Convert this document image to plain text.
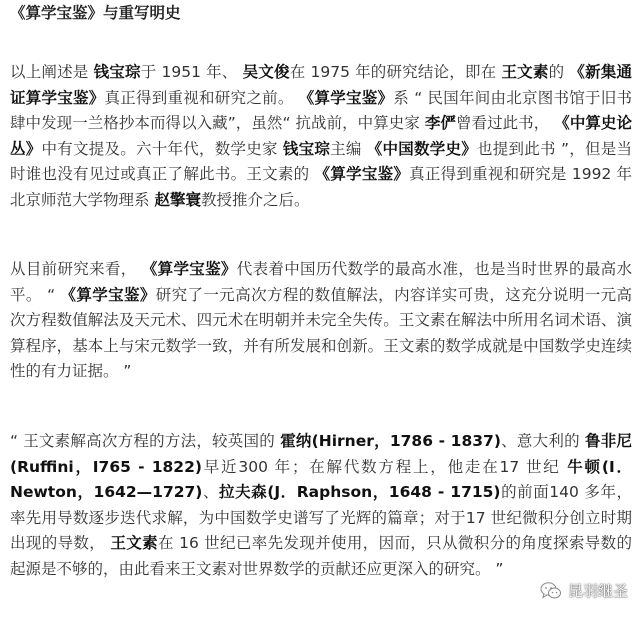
《算学宝鉴》与重写明史

以上阐述是 钱宝琮于 1951 年、 吴文俊在 1975 年的研究结论，即在 王文素的 《新集通证算学宝鉴》真正得到重视和研究之前。 《算学宝鉴》系 “ 民国年间由北京图书馆于旧书肆中发现一兰格抄本而得以入藏”，虽然“ 抗战前，中算史家 李俨曾看过此书， 《中算史论丛》中有文提及。六十年代，数学史家 钱宝琮主编 《中国数学史》也提到此书 ”，但是当时谁也没有见过或真正了解此书。王文素的 《算学宝鉴》真正得到重视和研究是 1992 年北京师范大学物理系 赵擎寰教授推介之后。

从目前研究来看， 《算学宝鉴》代表着中国历代数学的最高水准，也是当时世界的最高水平。 “ 《算学宝鉴》研究了一元高次方程的数值解法，内容详实可贵，这充分说明一元高次方程数值解法及天元术、四元术在明朝并未完全失传。王文素在解法中所用名词术语、演算程序，基本上与宋元数学一致，并有所发展和创新。王文素的数学成就是中国数学史连续性的有力证据。 ”

“ 王文素解高次方程的方法，较英国的 霍纳(Hirner，1786 - 1837)、意大利的 鲁非尼(Ruffini，I765 - 1822)早近300 年；在解代数方程上，他走在17 世纪 牛顿(I．Newton，1642—1727)、拉夫森(J．Raphson，1648 - 1715)的前面140 多年，率先用导数逐步迭代求解，为中国数学史谱写了光辉的篇章；对于17 世纪微积分创立时期出现的导数， 王文素在 16 世纪已率先发现并使用，因而，只从微积分的角度探索导数的起源是不够的，由此看来王文素对世界数学的贡献还应更深入的研究。 ”

昆羽继圣
